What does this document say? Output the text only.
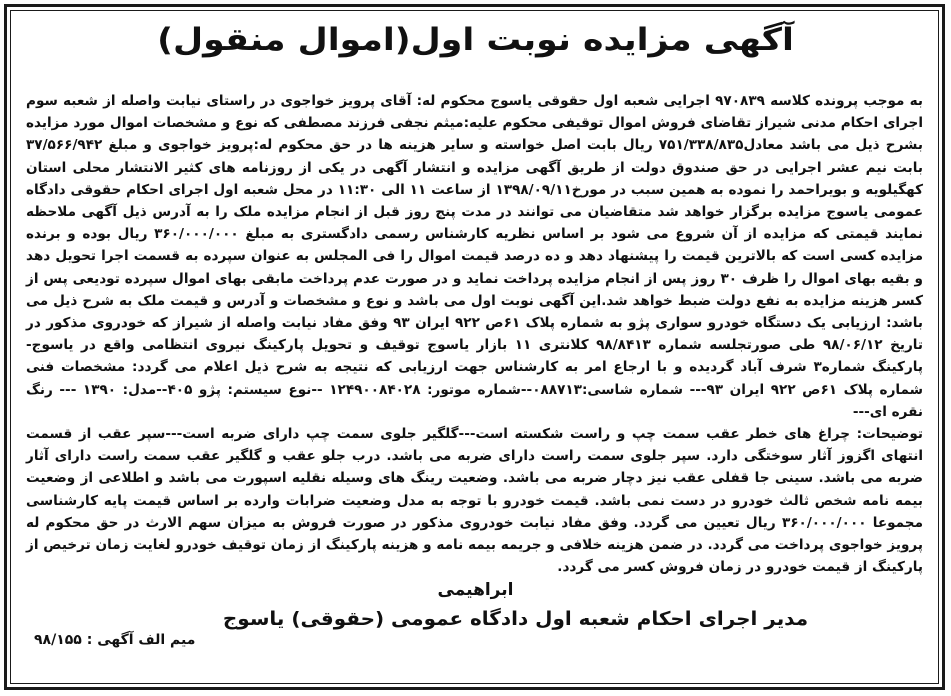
آگهی مزایده نوبت اول(اموال منقول)

به موجب پرونده کلاسه ۹۷۰۸۳۹ اجرایی شعبه اول حقوقی یاسوج محکوم له: آقای پرویز خواجوی در راستای نیابت واصله از شعبه سوم اجرای احکام مدنی شیراز تقاضای فروش اموال توقیفی محکوم علیه:میثم نجفی فرزند مصطفی که نوع و مشخصات اموال مورد مزایده بشرح ذیل می باشد معادل۷۵۱/۳۳۸/۸۳۵ ریال بابت اصل خواسته و سایر هزینه ها در حق محکوم له:پرویز خواجوی و مبلغ ۳۷/۵۶۶/۹۴۲ بابت نیم عشر اجرایی در حق صندوق دولت از طریق آگهی مزایده و انتشار آگهی در یکی از روزنامه های کثیر الانتشار محلی استان کهگیلویه و بویراحمد را نموده به همین سبب در مورخ۱۳۹۸/۰۹/۱۱ از ساعت ۱۱ الی ۱۱:۳۰ در محل شعبه اول اجرای احکام حقوقی دادگاه عمومی یاسوج مزایده برگزار خواهد شد متقاضیان می توانند در مدت پنج روز قبل از انجام مزایده ملک را به آدرس ذیل آگهی ملاحظه نمایند قیمتی که مزایده از آن شروع می شود بر اساس نظریه کارشناس رسمی دادگستری به مبلغ ۳۶۰/۰۰۰/۰۰۰ ریال بوده و برنده مزایده کسی است که بالاترین قیمت را پیشنهاد دهد و ده درصد قیمت اموال را فی المجلس به عنوان سپرده به قسمت اجرا تحویل دهد و بقیه بهای اموال را ظرف ۳۰ روز پس از انجام مزایده پرداخت نماید و در صورت عدم پرداخت مابقی بهای اموال سپرده تودیعی پس از کسر هزینه مزایده به نفع دولت ضبط خواهد شد.این آگهی نوبت اول می باشد و نوع و مشخصات و آدرس و قیمت ملک به شرح ذیل می باشد: ارزیابی یک دستگاه خودرو سواری پژو به شماره پلاک ۶۱ص ۹۲۲ ایران ۹۳ وفق مفاد نیابت واصله از شیراز که خودروی مذکور در تاریخ ۹۸/۰۶/۱۲ طی صورتجلسه شماره ۹۸/۸۴۱۳ کلانتری ۱۱ بازار یاسوج توقیف و تحویل پارکینگ نیروی انتظامی واقع در یاسوج- پارکینگ شماره۳ شرف آباد گردیده و با ارجاع امر به کارشناس جهت ارزیابی که نتیجه به شرح ذیل اعلام می گردد: مشخصات فنی شماره پلاک ۶۱ص ۹۲۲ ایران ۹۳--- شماره شاسی:۰۸۸۷۱۳--شماره موتور: ۱۲۴۹۰۰۸۴۰۲۸ --نوع سیستم: پژو ۴۰۵--مدل: ۱۳۹۰ --- رنگ نقره ای---

توضیحات: چراغ های خطر عقب سمت چپ و راست شکسته است---گلگیر جلوی سمت چپ دارای ضربه است---سپر عقب از قسمت انتهای اگزوز آثار سوختگی دارد. سپر جلوی سمت راست دارای ضربه می باشد. درب جلو عقب و گلگیر عقب سمت راست دارای آثار ضربه می باشد. سینی جا قفلی عقب نیز دچار ضربه می باشد. وضعیت رینگ های وسیله نقلیه اسپورت می باشد و اطلاعی از وضعیت بیمه نامه شخص ثالث خودرو در دست نمی باشد. قیمت خودرو با توجه به مدل وضعیت ضرابات وارده بر اساس قیمت پایه کارشناسی مجموعا ۳۶۰/۰۰۰/۰۰۰ ریال تعیین می گردد. وفق مفاد نیابت خودروی مذکور در صورت فروش به میزان سهم الارث در حق محکوم له پرویز خواجوی پرداخت می گردد. در ضمن هزینه خلافی و جریمه بیمه نامه و هزینه پارکینگ از زمان توقیف خودرو لغایت زمان ترخیص از پارکینگ از قیمت خودرو در زمان فروش کسر می گردد.

ابراهیمی
مدیر اجرای احکام شعبه اول دادگاه عمومی (حقوقی) یاسوج
میم الف آگهی : ۹۸/۱۵۵
